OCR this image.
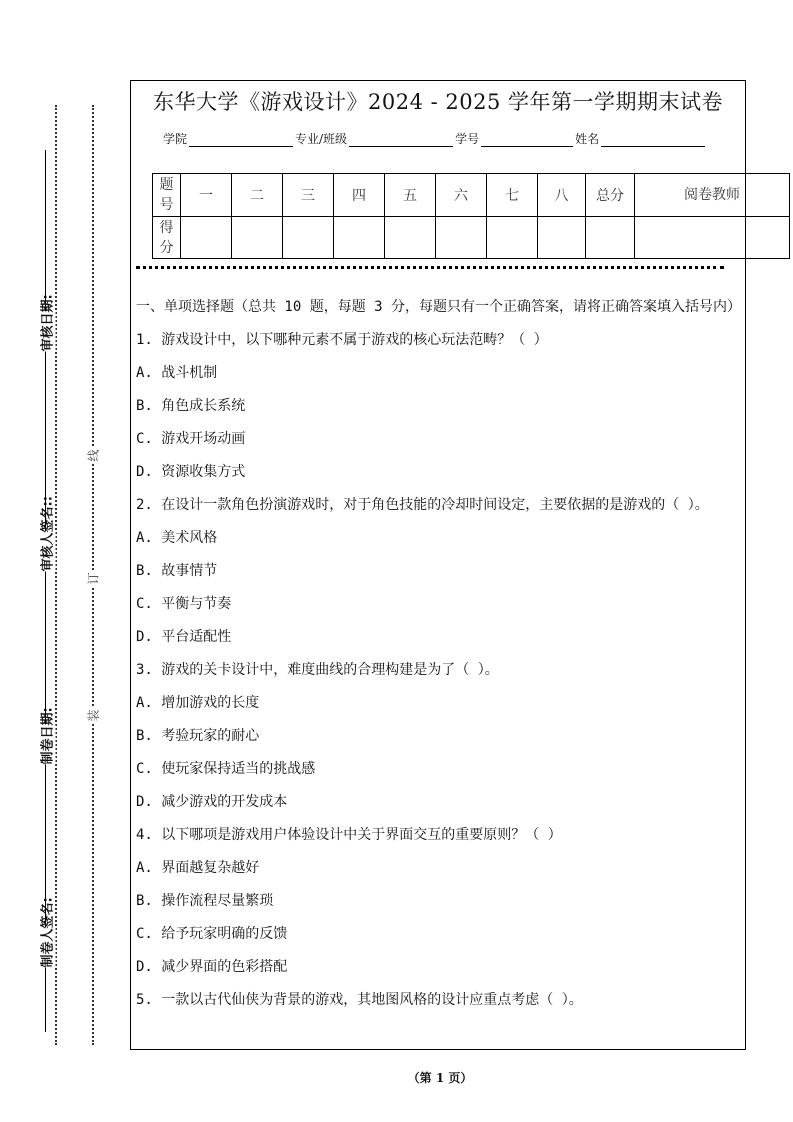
审核日期:
审核人签名::
制卷日期:
制卷人签名:
线
订
装
东华大学《游戏设计》2024 - 2025 学年第一学期期末试卷
学院	专业/班级	学号	姓名
题号	一	二	三	四	五	六	七	八	总分	阅卷教师
得分										
一、单项选择题（总共 10 题，每题 3 分，每题只有一个正确答案，请将正确答案填入括号内）
1. 游戏设计中，以下哪种元素不属于游戏的核心玩法范畴？（ ）
A. 战斗机制
B. 角色成长系统
C. 游戏开场动画
D. 资源收集方式
2. 在设计一款角色扮演游戏时，对于角色技能的冷却时间设定，主要依据的是游戏的（ ）。
A. 美术风格
B. 故事情节
C. 平衡与节奏
D. 平台适配性
3. 游戏的关卡设计中，难度曲线的合理构建是为了（ ）。
A. 增加游戏的长度
B. 考验玩家的耐心
C. 使玩家保持适当的挑战感
D. 减少游戏的开发成本
4. 以下哪项是游戏用户体验设计中关于界面交互的重要原则？（ ）
A. 界面越复杂越好
B. 操作流程尽量繁琐
C. 给予玩家明确的反馈
D. 减少界面的色彩搭配
5. 一款以古代仙侠为背景的游戏，其地图风格的设计应重点考虑（ ）。
（第 1 页）
